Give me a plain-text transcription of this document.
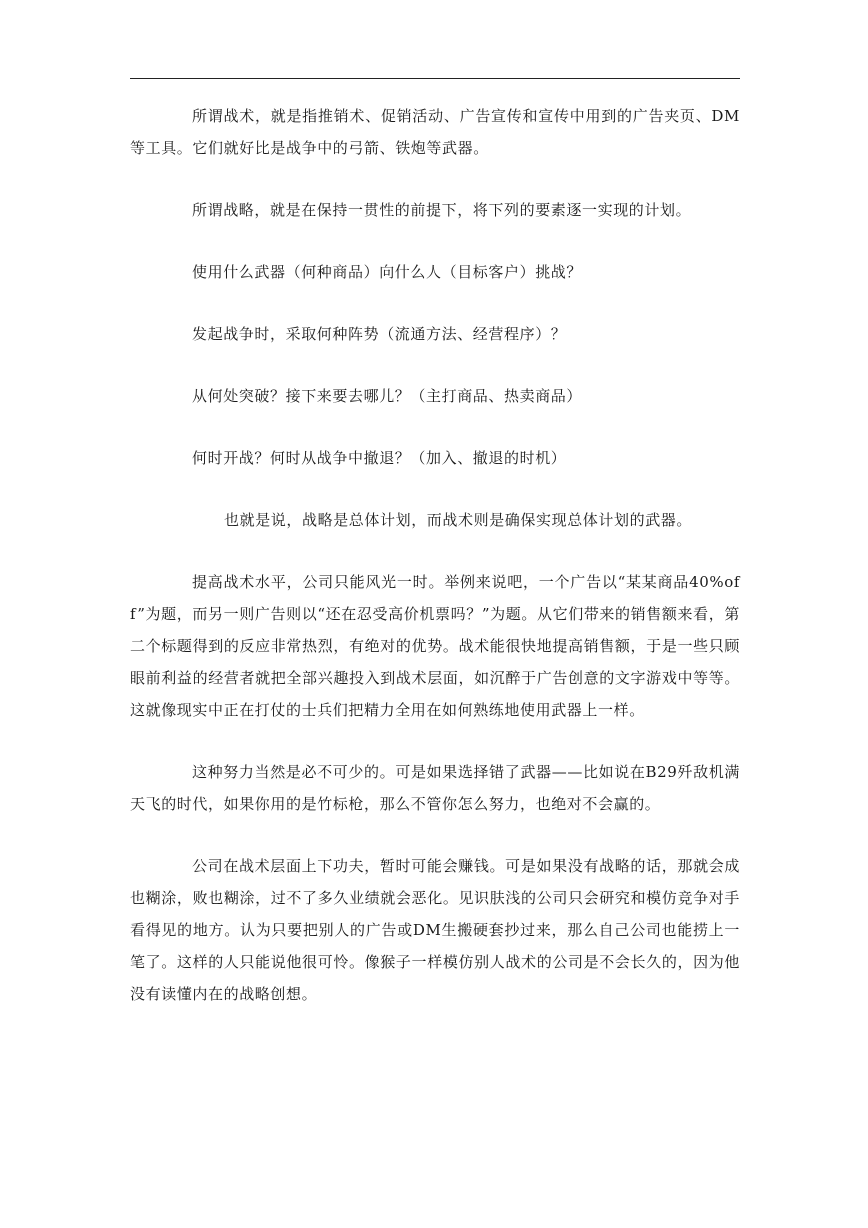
所谓战术，就是指推销术、促销活动、广告宣传和宣传中用到的广告夹页、DM等工具。它们就好比是战争中的弓箭、铁炮等武器。

所谓战略，就是在保持一贯性的前提下，将下列的要素逐一实现的计划。

使用什么武器（何种商品）向什么人（目标客户）挑战？

发起战争时，采取何种阵势（流通方法、经营程序）？

从何处突破？接下来要去哪儿？（主打商品、热卖商品）

何时开战？何时从战争中撤退？（加入、撤退的时机）

也就是说，战略是总体计划，而战术则是确保实现总体计划的武器。

提高战术水平，公司只能风光一时。举例来说吧，一个广告以“某某商品40%off”为题，而另一则广告则以“还在忍受高价机票吗？”为题。从它们带来的销售额来看，第二个标题得到的反应非常热烈，有绝对的优势。战术能很快地提高销售额，于是一些只顾眼前利益的经营者就把全部兴趣投入到战术层面，如沉醉于广告创意的文字游戏中等等。这就像现实中正在打仗的士兵们把精力全用在如何熟练地使用武器上一样。

这种努力当然是必不可少的。可是如果选择错了武器——比如说在B29歼敌机满天飞的时代，如果你用的是竹标枪，那么不管你怎么努力，也绝对不会赢的。

公司在战术层面上下功夫，暂时可能会赚钱。可是如果没有战略的话，那就会成也糊涂，败也糊涂，过不了多久业绩就会恶化。见识肤浅的公司只会研究和模仿竞争对手看得见的地方。认为只要把别人的广告或DM生搬硬套抄过来，那么自己公司也能捞上一笔了。这样的人只能说他很可怜。像猴子一样模仿别人战术的公司是不会长久的，因为他没有读懂内在的战略创想。
